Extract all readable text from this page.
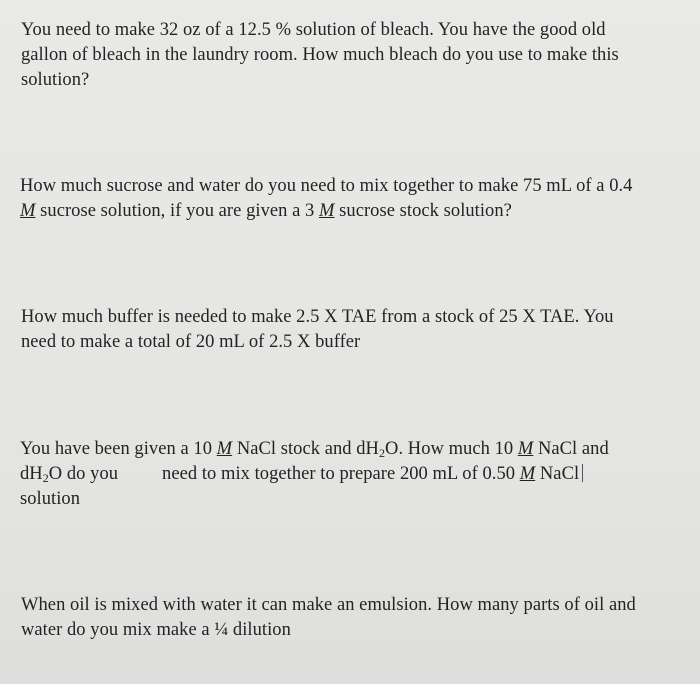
You need to make 32 oz of a 12.5 % solution of bleach. You have the good old
gallon of bleach in the laundry room. How much bleach do you use to make this
solution?
How much sucrose and water do you need to mix together to make 75 mL of a 0.4
M sucrose solution, if you are given a 3 M sucrose stock solution?
How much buffer is needed to make 2.5 X TAE from a stock of 25 X TAE. You
need to make a total of 20 mL of 2.5 X buffer
You have been given a 10 M NaCl stock and $dH_2O$. How much 10 M NaCl and
$dH_2O$ do you need to mix together to prepare 200 mL of 0.50 M NaCl
solution
When oil is mixed with water it can make an emulsion. How many parts of oil and
water do you mix make a ¼ dilution
